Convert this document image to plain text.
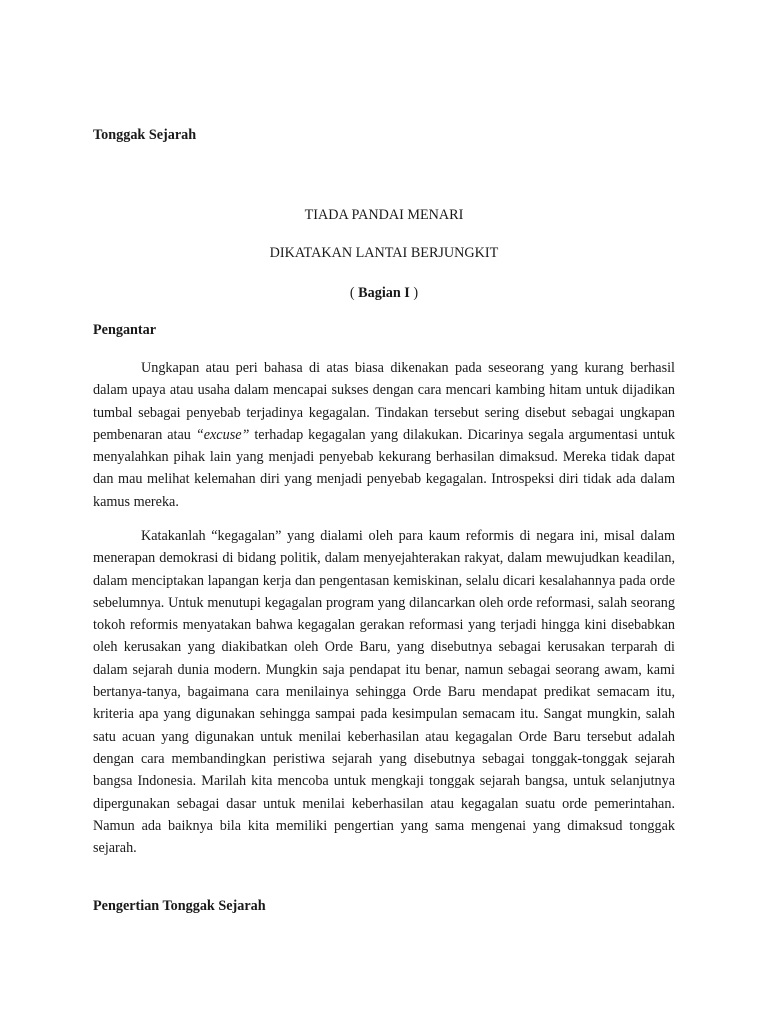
Tonggak Sejarah

TIADA PANDAI MENARI

DIKATAKAN LANTAI BERJUNGKIT

( Bagian I )

Pengantar

Ungkapan atau peri bahasa di atas biasa dikenakan pada seseorang yang kurang berhasil dalam upaya atau usaha dalam mencapai sukses dengan cara mencari kambing hitam untuk dijadikan tumbal sebagai penyebab terjadinya kegagalan. Tindakan tersebut sering disebut sebagai ungkapan pembenaran atau “excuse” terhadap kegagalan yang dilakukan. Dicarinya segala argumentasi untuk menyalahkan pihak lain yang menjadi penyebab kekurang berhasilan dimaksud. Mereka tidak dapat dan mau melihat kelemahan diri yang menjadi penyebab kegagalan. Introspeksi diri tidak ada dalam kamus mereka.

Katakanlah “kegagalan” yang dialami oleh para kaum reformis di negara ini, misal dalam menerapan demokrasi di bidang politik, dalam menyejahterakan rakyat, dalam mewujudkan keadilan, dalam menciptakan lapangan kerja dan pengentasan kemiskinan, selalu dicari kesalahannya pada orde sebelumnya. Untuk menutupi kegagalan program yang dilancarkan oleh orde reformasi, salah seorang tokoh reformis menyatakan bahwa kegagalan gerakan reformasi yang terjadi hingga kini disebabkan oleh kerusakan yang diakibatkan oleh Orde Baru, yang disebutnya sebagai kerusakan terparah di dalam sejarah dunia modern. Mungkin saja pendapat itu benar, namun sebagai seorang awam, kami bertanya-tanya, bagaimana cara menilainya sehingga Orde Baru mendapat predikat semacam itu, kriteria apa yang digunakan sehingga sampai pada kesimpulan semacam itu. Sangat mungkin, salah satu acuan yang digunakan untuk menilai keberhasilan atau kegagalan Orde Baru tersebut adalah dengan cara membandingkan peristiwa sejarah yang disebutnya sebagai tonggak-tonggak sejarah bangsa Indonesia. Marilah kita mencoba untuk mengkaji tonggak sejarah bangsa, untuk selanjutnya dipergunakan sebagai dasar untuk menilai keberhasilan atau kegagalan suatu orde pemerintahan. Namun ada baiknya bila kita memiliki pengertian yang sama mengenai yang dimaksud tonggak sejarah.

Pengertian Tonggak Sejarah
